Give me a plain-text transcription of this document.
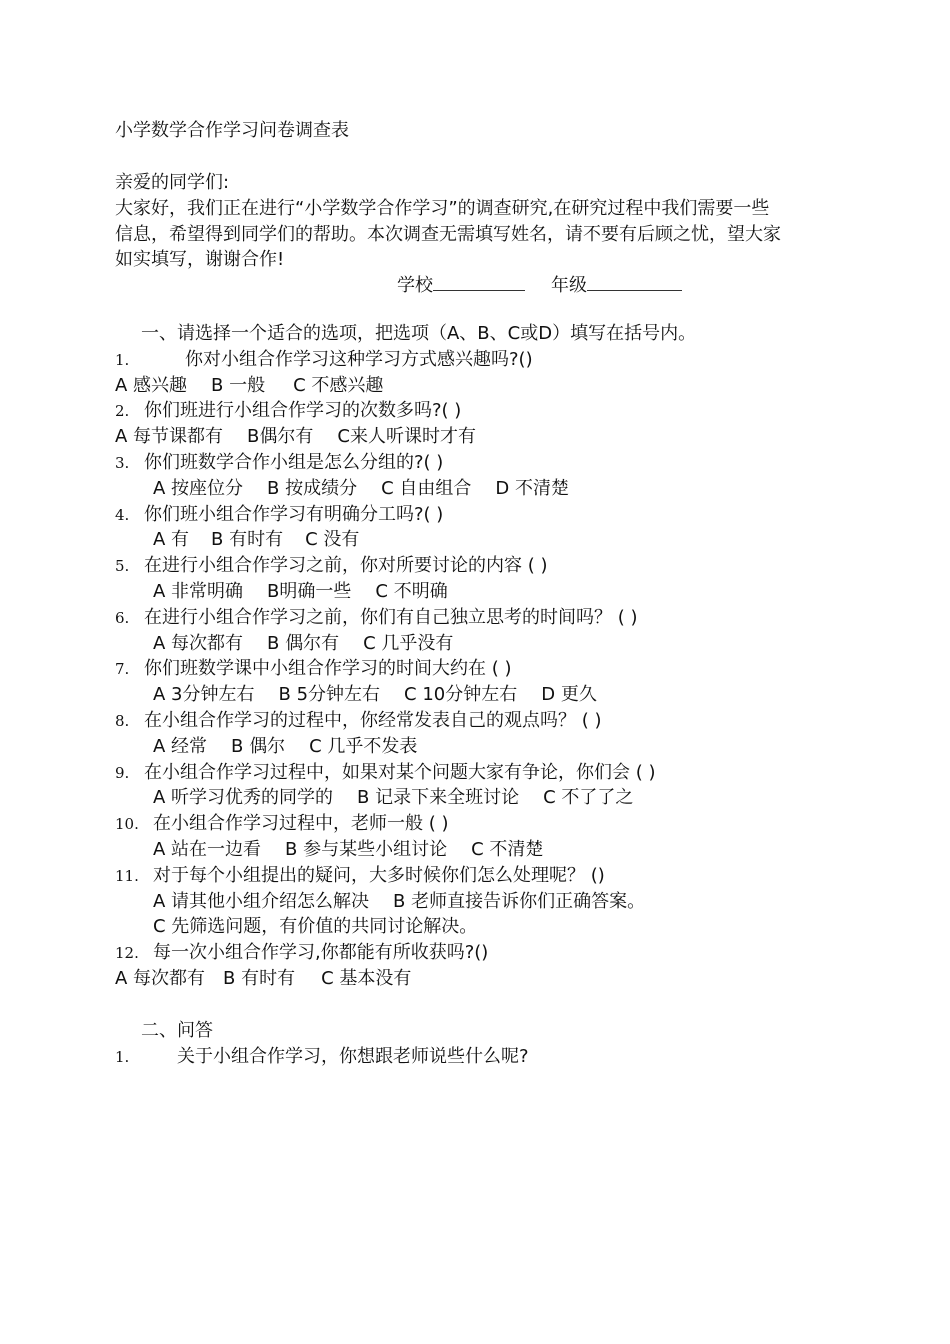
小学数学合作学习问卷调查表
亲爱的同学们:
大家好，我们正在进行“小学数学合作学习”的调查研究,在研究过程中我们需要一些
信息，希望得到同学们的帮助。本次调查无需填写姓名，请不要有后顾之忧，望大家
如实填写，谢谢合作!
学校	年级
一、请选择一个适合的选项，把选项（A、B、C或D）填写在括号内。
1.	你对小组合作学习这种学习方式感兴趣吗?()
A 感兴趣 B 一般 C 不感兴趣
2. 你们班进行小组合作学习的次数多吗?( )
A 每节课都有 B偶尔有 C来人听课时才有
3. 你们班数学合作小组是怎么分组的?( )
A 按座位分 B 按成绩分 C 自由组合 D 不清楚
4. 你们班小组合作学习有明确分工吗?( )
A 有 B 有时有 C 没有
5. 在进行小组合作学习之前，你对所要讨论的内容 ( )
A 非常明确 B明确一些 C 不明确
6. 在进行小组合作学习之前，你们有自己独立思考的时间吗？ ( )
A 每次都有 B 偶尔有 C 几乎没有
7. 你们班数学课中小组合作学习的时间大约在 ( )
A 3分钟左右 B 5分钟左右 C 10分钟左右 D 更久
8. 在小组合作学习的过程中，你经常发表自己的观点吗？ ( )
A 经常 B 偶尔 C 几乎不发表
9. 在小组合作学习过程中，如果对某个问题大家有争论，你们会 ( )
A 听学习优秀的同学的 B 记录下来全班讨论 C 不了了之
10. 在小组合作学习过程中，老师一般 ( )
A 站在一边看 B 参与某些小组讨论 C 不清楚
11. 对于每个小组提出的疑问，大多时候你们怎么处理呢？ ()
A 请其他小组介绍怎么解决 B 老师直接告诉你们正确答案。
C 先筛选问题，有价值的共同讨论解决。
12. 每一次小组合作学习,你都能有所收获吗?()
A 每次都有 B 有时有 C 基本没有
二、问答
1.	关于小组合作学习，你想跟老师说些什么呢?
